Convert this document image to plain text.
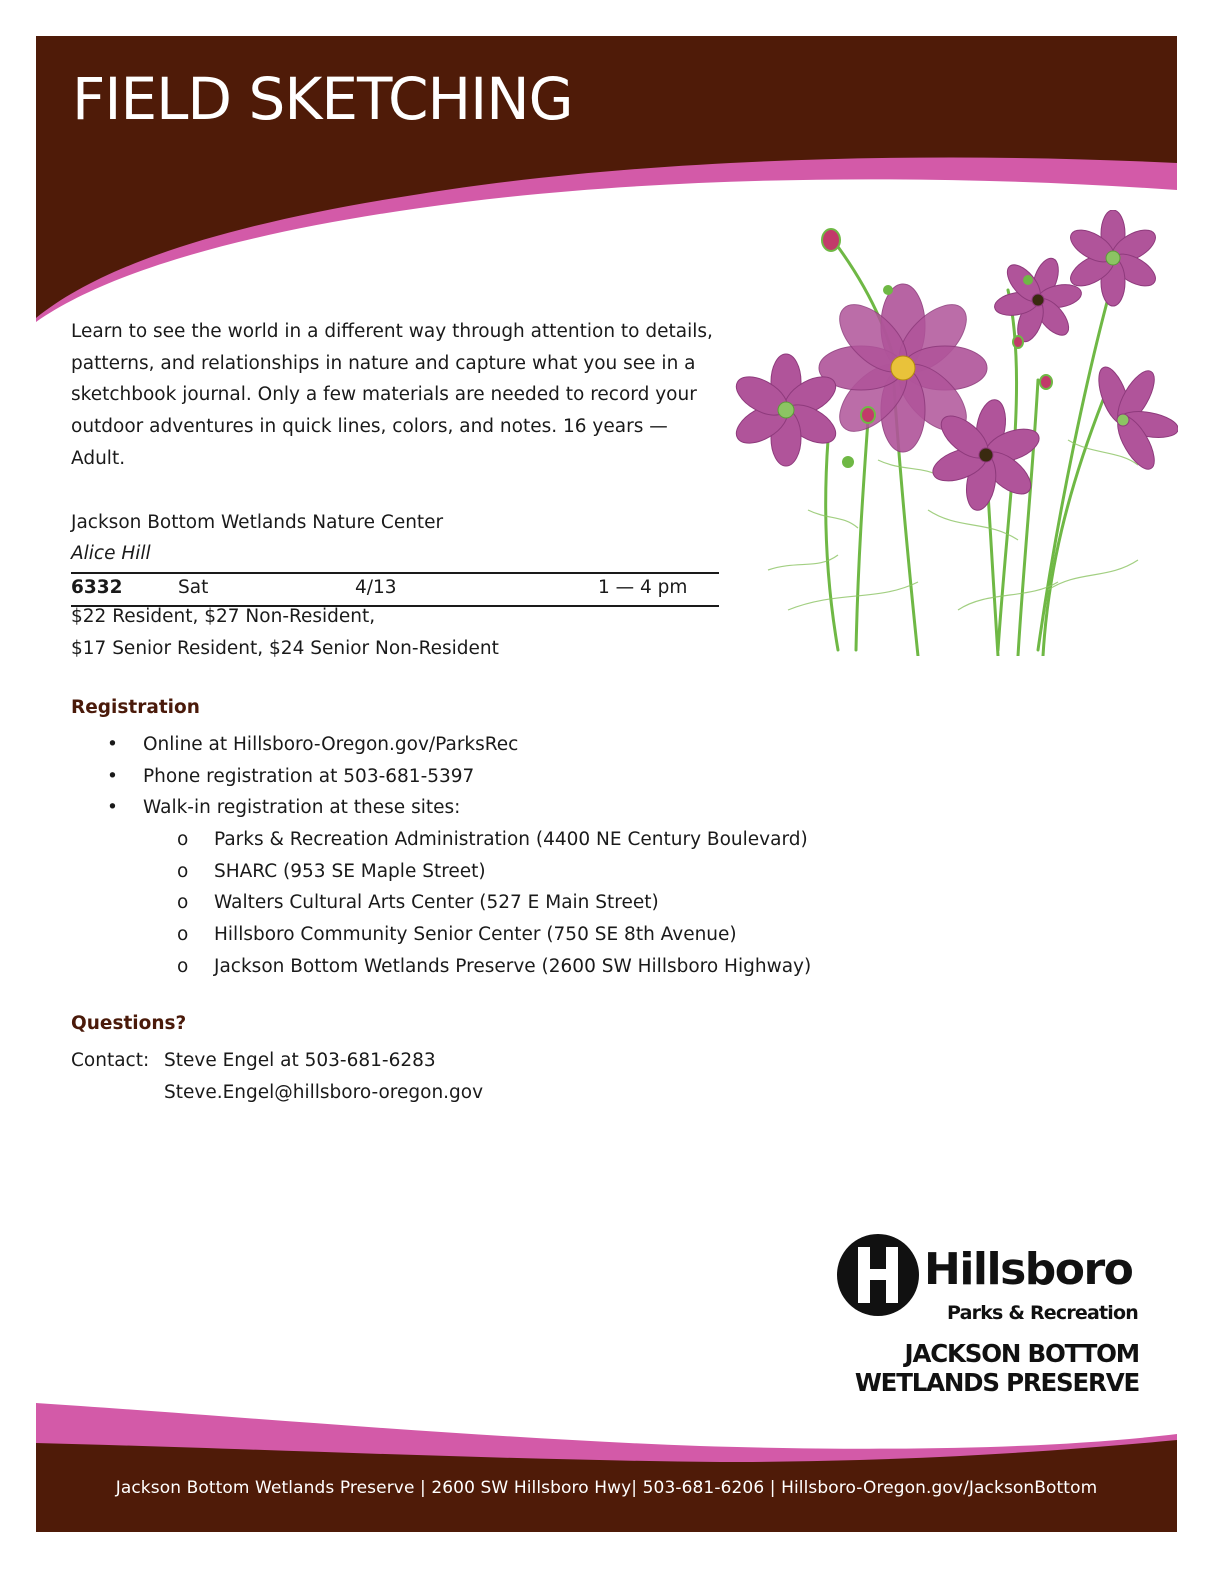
FIELD SKETCHING

Learn to see the world in a different way through attention to details, patterns, and relationships in nature and capture what you see in a sketchbook journal. Only a few materials are needed to record your outdoor adventures in quick lines, colors, and notes. 16 years — Adult.

Jackson Bottom Wetlands Nature Center
Alice Hill
6332	Sat	4/13	1 — 4 pm
$22 Resident, $27 Non-Resident,
$17 Senior Resident, $24 Senior Non-Resident
Registration
• Online at Hillsboro-Oregon.gov/ParksRec
• Phone registration at 503-681-5397
• Walk-in registration at these sites:
o Parks & Recreation Administration (4400 NE Century Boulevard)
o SHARC (953 SE Maple Street)
o Walters Cultural Arts Center (527 E Main Street)
o Hillsboro Community Senior Center (750 SE 8th Avenue)
o Jackson Bottom Wetlands Preserve (2600 SW Hillsboro Highway)
Questions?
Contact: Steve Engel at 503-681-6283
Steve.Engel@hillsboro-oregon.gov
Hillsboro
Parks & Recreation
JACKSON BOTTOM
WETLANDS PRESERVE
Jackson Bottom Wetlands Preserve | 2600 SW Hillsboro Hwy| 503-681-6206 | Hillsboro-Oregon.gov/JacksonBottom
